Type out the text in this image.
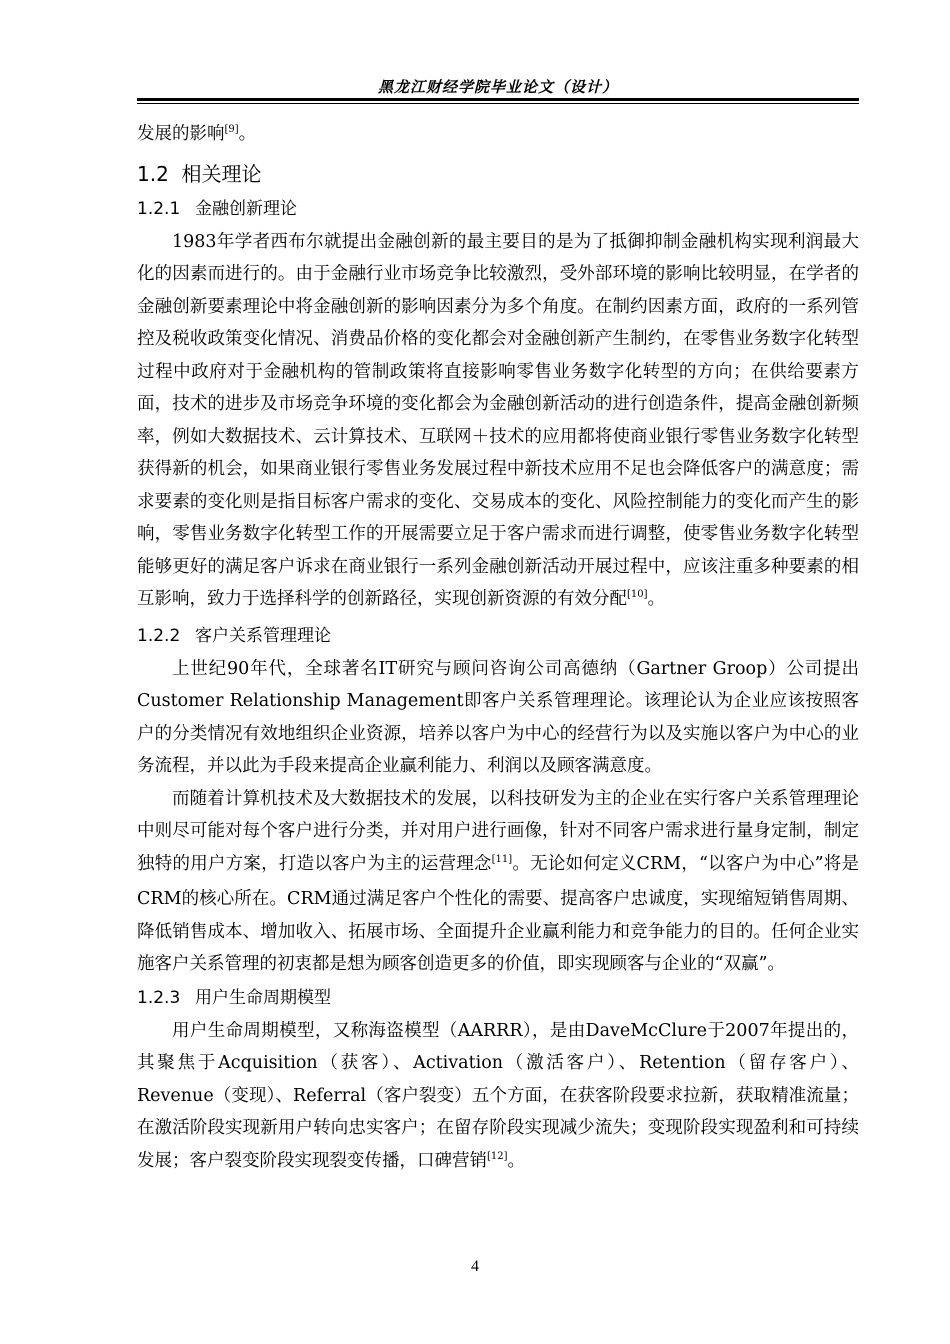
黑龙江财经学院毕业论文（设计）

发展的影响[9]。

1.2 相关理论
1.2.1 金融创新理论

1983年学者西布尔就提出金融创新的最主要目的是为了抵御抑制金融机构实现利润最大化的因素而进行的。由于金融行业市场竞争比较激烈，受外部环境的影响比较明显，在学者的金融创新要素理论中将金融创新的影响因素分为多个角度。在制约因素方面，政府的一系列管控及税收政策变化情况、消费品价格的变化都会对金融创新产生制约，在零售业务数字化转型过程中政府对于金融机构的管制政策将直接影响零售业务数字化转型的方向；在供给要素方面，技术的进步及市场竞争环境的变化都会为金融创新活动的进行创造条件，提高金融创新频率，例如大数据技术、云计算技术、互联网＋技术的应用都将使商业银行零售业务数字化转型获得新的机会，如果商业银行零售业务发展过程中新技术应用不足也会降低客户的满意度；需求要素的变化则是指目标客户需求的变化、交易成本的变化、风险控制能力的变化而产生的影响，零售业务数字化转型工作的开展需要立足于客户需求而进行调整，使零售业务数字化转型能够更好的满足客户诉求在商业银行一系列金融创新活动开展过程中，应该注重多种要素的相互影响，致力于选择科学的创新路径，实现创新资源的有效分配[10]。

1.2.2 客户关系管理理论

上世纪90年代，全球著名IT研究与顾问咨询公司高德纳（Gartner Groop）公司提出Customer Relationship Management即客户关系管理理论。该理论认为企业应该按照客户的分类情况有效地组织企业资源，培养以客户为中心的经营行为以及实施以客户为中心的业务流程，并以此为手段来提高企业赢利能力、利润以及顾客满意度。

而随着计算机技术及大数据技术的发展，以科技研发为主的企业在实行客户关系管理理论中则尽可能对每个客户进行分类，并对用户进行画像，针对不同客户需求进行量身定制，制定独特的用户方案，打造以客户为主的运营理念[11]。无论如何定义CRM，“以客户为中心”将是CRM的核心所在。CRM通过满足客户个性化的需要、提高客户忠诚度，实现缩短销售周期、降低销售成本、增加收入、拓展市场、全面提升企业赢利能力和竞争能力的目的。任何企业实施客户关系管理的初衷都是想为顾客创造更多的价值，即实现顾客与企业的“双赢”。

1.2.3 用户生命周期模型

用户生命周期模型，又称海盗模型（AARRR），是由DaveMcClure于2007年提出的，其聚焦于Acquisition（获客）、Activation（激活客户）、Retention（留存客户）、Revenue（变现）、Referral（客户裂变）五个方面，在获客阶段要求拉新，获取精准流量；在激活阶段实现新用户转向忠实客户；在留存阶段实现减少流失；变现阶段实现盈利和可持续发展；客户裂变阶段实现裂变传播，口碑营销[12]。

4
